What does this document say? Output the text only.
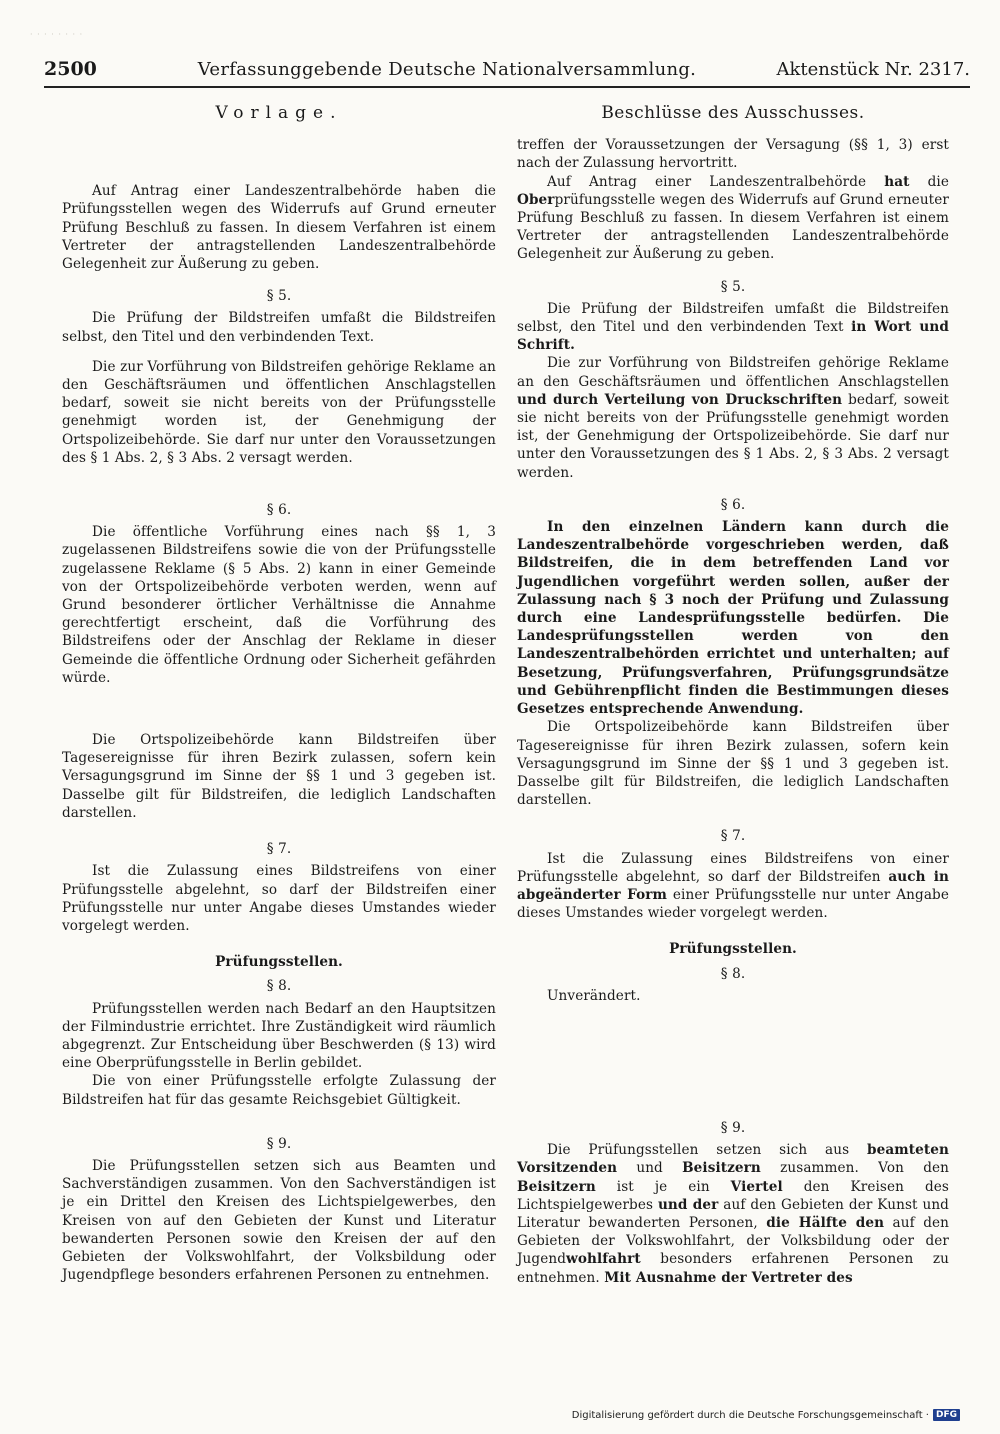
· · · · · · · ·
2500	Verfassunggebende Deutsche Nationalversammlung.	Aktenstück Nr. 2317.
Vorlage.

Auf Antrag einer Landeszentralbehörde haben die Prüfungsstellen wegen des Widerrufs auf Grund erneuter Prüfung Beschluß zu fassen. In diesem Verfahren ist einem Vertreter der antragstellenden Landeszentralbehörde Gelegenheit zur Äußerung zu geben.

§ 5.

Die Prüfung der Bildstreifen umfaßt die Bildstreifen selbst, den Titel und den verbindenden Text.

Die zur Vorführung von Bildstreifen gehörige Reklame an den Geschäftsräumen und öffentlichen Anschlagstellen bedarf, soweit sie nicht bereits von der Prüfungsstelle genehmigt worden ist, der Genehmigung der Ortspolizeibehörde. Sie darf nur unter den Voraussetzungen des § 1 Abs. 2, § 3 Abs. 2 versagt werden.

§ 6.

Die öffentliche Vorführung eines nach §§ 1, 3 zugelassenen Bildstreifens sowie die von der Prüfungsstelle zugelassene Reklame (§ 5 Abs. 2) kann in einer Gemeinde von der Ortspolizeibehörde verboten werden, wenn auf Grund besonderer örtlicher Verhältnisse die Annahme gerechtfertigt erscheint, daß die Vorführung des Bildstreifens oder der Anschlag der Reklame in dieser Gemeinde die öffentliche Ordnung oder Sicherheit gefährden würde.

Die Ortspolizeibehörde kann Bildstreifen über Tagesereignisse für ihren Bezirk zulassen, sofern kein Versagungsgrund im Sinne der §§ 1 und 3 gegeben ist. Dasselbe gilt für Bildstreifen, die lediglich Landschaften darstellen.

§ 7.

Ist die Zulassung eines Bildstreifens von einer Prüfungsstelle abgelehnt, so darf der Bildstreifen einer Prüfungsstelle nur unter Angabe dieses Umstandes wieder vorgelegt werden.

Prüfungsstellen.
§ 8.

Prüfungsstellen werden nach Bedarf an den Hauptsitzen der Filmindustrie errichtet. Ihre Zuständigkeit wird räumlich abgegrenzt. Zur Entscheidung über Beschwerden (§ 13) wird eine Oberprüfungsstelle in Berlin gebildet.

Die von einer Prüfungsstelle erfolgte Zulassung der Bildstreifen hat für das gesamte Reichsgebiet Gültigkeit.

§ 9.

Die Prüfungsstellen setzen sich aus Beamten und Sachverständigen zusammen. Von den Sachverständigen ist je ein Drittel den Kreisen des Lichtspielgewerbes, den Kreisen von auf den Gebieten der Kunst und Literatur bewanderten Personen sowie den Kreisen der auf den Gebieten der Volkswohlfahrt, der Volksbildung oder Jugendpflege besonders erfahrenen Personen zu entnehmen.

Beschlüsse des Ausschusses.

treffen der Voraussetzungen der Versagung (§§ 1, 3) erst nach der Zulassung hervortritt.

Auf Antrag einer Landeszentralbehörde hat die Oberprüfungsstelle wegen des Widerrufs auf Grund erneuter Prüfung Beschluß zu fassen. In diesem Verfahren ist einem Vertreter der antragstellenden Landeszentralbehörde Gelegenheit zur Äußerung zu geben.

§ 5.

Die Prüfung der Bildstreifen umfaßt die Bildstreifen selbst, den Titel und den verbindenden Text in Wort und Schrift.

Die zur Vorführung von Bildstreifen gehörige Reklame an den Geschäftsräumen und öffentlichen Anschlagstellen und durch Verteilung von Druckschriften bedarf, soweit sie nicht bereits von der Prüfungsstelle genehmigt worden ist, der Genehmigung der Ortspolizeibehörde. Sie darf nur unter den Voraussetzungen des § 1 Abs. 2, § 3 Abs. 2 versagt werden.

§ 6.

In den einzelnen Ländern kann durch die Landeszentralbehörde vorgeschrieben werden, daß Bildstreifen, die in dem betreffenden Land vor Jugendlichen vorgeführt werden sollen, außer der Zulassung nach § 3 noch der Prüfung und Zulassung durch eine Landesprüfungsstelle bedürfen. Die Landesprüfungsstellen werden von den Landeszentralbehörden errichtet und unterhalten; auf Besetzung, Prüfungsverfahren, Prüfungsgrundsätze und Gebührenpflicht finden die Bestimmungen dieses Gesetzes entsprechende Anwendung.

Die Ortspolizeibehörde kann Bildstreifen über Tagesereignisse für ihren Bezirk zulassen, sofern kein Versagungsgrund im Sinne der §§ 1 und 3 gegeben ist. Dasselbe gilt für Bildstreifen, die lediglich Landschaften darstellen.

§ 7.

Ist die Zulassung eines Bildstreifens von einer Prüfungsstelle abgelehnt, so darf der Bildstreifen auch in abgeänderter Form einer Prüfungsstelle nur unter Angabe dieses Umstandes wieder vorgelegt werden.

Prüfungsstellen.
§ 8.

Unverändert.

§ 9.

Die Prüfungsstellen setzen sich aus beamteten Vorsitzenden und Beisitzern zusammen. Von den Beisitzern ist je ein Viertel den Kreisen des Lichtspielgewerbes und der auf den Gebieten der Kunst und Literatur bewanderten Personen, die Hälfte den auf den Gebieten der Volkswohlfahrt, der Volksbildung oder der Jugendwohlfahrt besonders erfahrenen Personen zu entnehmen. Mit Ausnahme der Vertreter des

Digitalisierung gefördert durch die Deutsche Forschungsgemeinschaft · DFG
